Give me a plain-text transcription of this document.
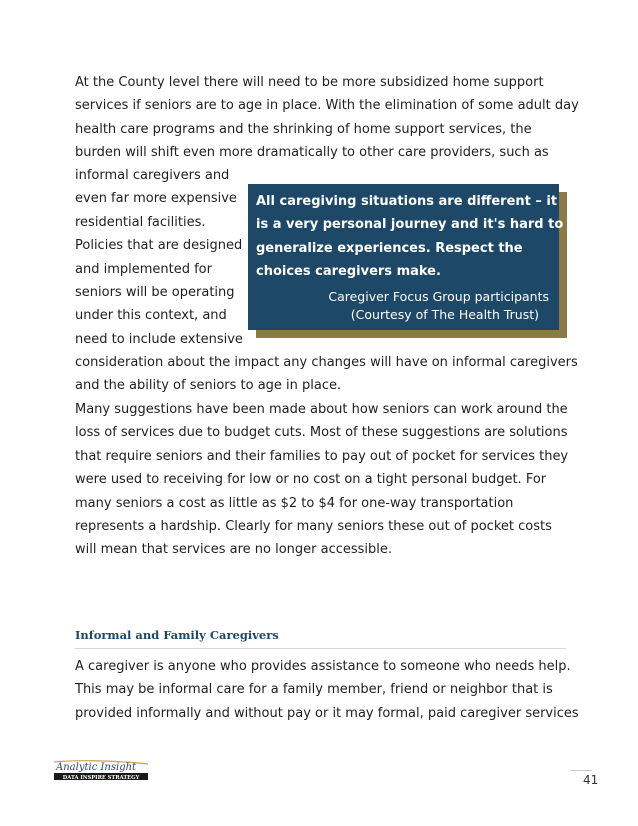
At the County level there will need to be more subsidized home support
services if seniors are to age in place. With the elimination of some adult day
health care programs and the shrinking of home support services, the
burden will shift even more dramatically to other care providers, such as
informal caregivers and
even far more expensive
residential facilities.
Policies that are designed
and implemented for
seniors will be operating
under this context, and
need to include extensive
All caregiving situations are different – it
is a very personal journey and it's hard to
generalize experiences. Respect the
choices caregivers make.
Caregiver Focus Group participants
(Courtesy of The Health Trust)
consideration about the impact any changes will have on informal caregivers
and the ability of seniors to age in place.
Many suggestions have been made about how seniors can work around the
loss of services due to budget cuts. Most of these suggestions are solutions
that require seniors and their families to pay out of pocket for services they
were used to receiving for low or no cost on a tight personal budget. For
many seniors a cost as little as $2 to $4 for one-way transportation
represents a hardship. Clearly for many seniors these out of pocket costs
will mean that services are no longer accessible.
Informal and Family Caregivers
A caregiver is anyone who provides assistance to someone who needs help.
This may be informal care for a family member, friend or neighbor that is
provided informally and without pay or it may formal, paid caregiver services
Analytic Insight
DATA INSPIRE STRATEGY	41
